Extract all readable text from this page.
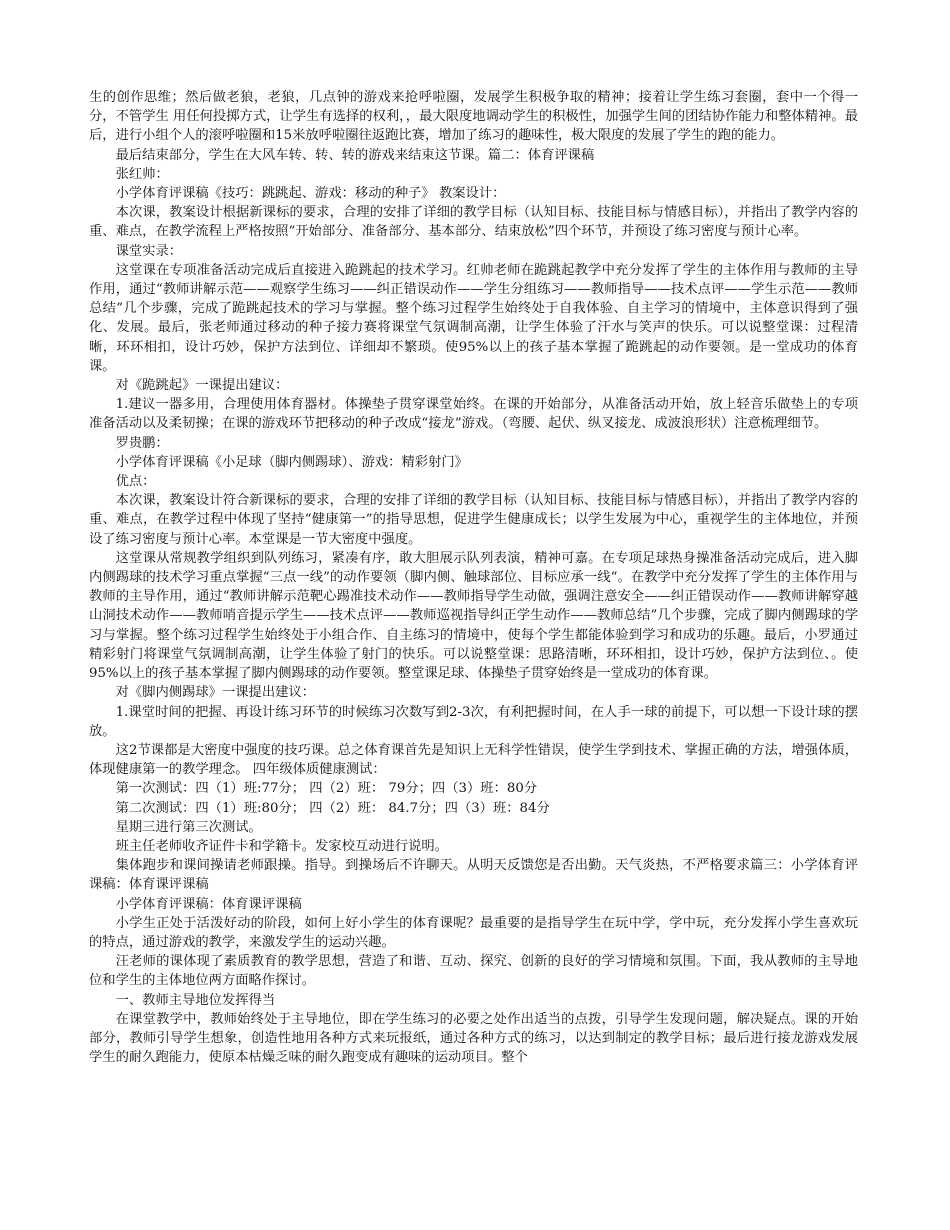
生的创作思维；然后做老狼，老狼，几点钟的游戏来抢呼啦圈，发展学生积极争取的精神；接着让学生练习套圈，套中一个得一分，不管学生 用任何投掷方式，让学生有选择的权利，，最大限度地调动学生的积极性，加强学生间的团结协作能力和整体精神。最后，进行小组个人的滚呼啦圈和15米放呼啦圈往返跑比赛，增加了练习的趣味性，极大限度的发展了学生的跑的能力。

最后结束部分，学生在大风车转、转、转的游戏来结束这节课。篇二：体育评课稿

张红帅：

小学体育评课稿《技巧：跳跳起、游戏：移动的种子》 教案设计：

本次课，教案设计根据新课标的要求，合理的安排了详细的教学目标（认知目标、技能目标与情感目标），并指出了教学内容的重、难点，在教学流程上严格按照“开始部分、准备部分、基本部分、结束放松”四个环节，并预设了练习密度与预计心率。

课堂实录：

这堂课在专项准备活动完成后直接进入跪跳起的技术学习。红帅老师在跪跳起教学中充分发挥了学生的主体作用与教师的主导作用，通过“教师讲解示范——观察学生练习——纠正错误动作——学生分组练习——教师指导——技术点评——学生示范——教师总结”几个步骤，完成了跪跳起技术的学习与掌握。整个练习过程学生始终处于自我体验、自主学习的情境中，主体意识得到了强化、发展。最后，张老师通过移动的种子接力赛将课堂气氛调制高潮，让学生体验了汗水与笑声的快乐。可以说整堂课：过程清晰，环环相扣，设计巧妙，保护方法到位、详细却不繁琐。使95%以上的孩子基本掌握了跪跳起的动作要领。是一堂成功的体育课。

对《跪跳起》一课提出建议：

1.建议一器多用，合理使用体育器材。体操垫子贯穿课堂始终。在课的开始部分，从准备活动开始，放上轻音乐做垫上的专项准备活动以及柔韧操；在课的游戏环节把移动的种子改成“接龙”游戏。（弯腰、起伏、纵叉接龙、成波浪形状）注意梳理细节。

罗贵鹏：

小学体育评课稿《小足球（脚内侧踢球）、游戏：精彩射门》

优点：

本次课，教案设计符合新课标的要求，合理的安排了详细的教学目标（认知目标、技能目标与情感目标），并指出了教学内容的重、难点，在教学过程中体现了坚持“健康第一”的指导思想，促进学生健康成长；以学生发展为中心，重视学生的主体地位，并预设了练习密度与预计心率。本堂课是一节大密度中强度。

这堂课从常规教学组织到队列练习，紧凑有序，敢大胆展示队列表演，精神可嘉。在专项足球热身操准备活动完成后，进入脚内侧踢球的技术学习重点掌握“三点一线”的动作要领（脚内侧、触球部位、目标应承一线“。在教学中充分发挥了学生的主体作用与教师的主导作用，通过“教师讲解示范靶心踢准技术动作——教师指导学生动做，强调注意安全——纠正错误动作——教师讲解穿越山洞技术动作——教师哨音提示学生——技术点评——教师巡视指导纠正学生动作——教师总结”几个步骤，完成了脚内侧踢球的学习与掌握。整个练习过程学生始终处于小组合作、自主练习的情境中，使每个学生都能体验到学习和成功的乐趣。最后，小罗通过精彩射门将课堂气氛调制高潮，让学生体验了射门的快乐。可以说整堂课：思路清晰，环环相扣，设计巧妙，保护方法到位、。使95%以上的孩子基本掌握了脚内侧踢球的动作要领。整堂课足球、体操垫子贯穿始终是一堂成功的体育课。

对《脚内侧踢球》一课提出建议：

1.课堂时间的把握、再设计练习环节的时候练习次数写到2-3次，有利把握时间，在人手一球的前提下，可以想一下设计球的摆放。

这2节课都是大密度中强度的技巧课。总之体育课首先是知识上无科学性错误，使学生学到技术、掌握正确的方法，增强体质，体现健康第一的教学理念。 四年级体质健康测试：

第一次测试：四（1）班:77分； 四（2）班： 79分；四（3）班：80分

第二次测试：四（1）班:80分； 四（2）班： 84.7分；四（3）班：84分

星期三进行第三次测试。

班主任老师收齐证件卡和学籍卡。发家校互动进行说明。

集体跑步和课间操请老师跟操。指导。到操场后不许聊天。从明天反馈您是否出勤。天气炎热，不严格要求篇三：小学体育评课稿：体育课评课稿

小学体育评课稿：体育课评课稿

小学生正处于活泼好动的阶段，如何上好小学生的体育课呢？最重要的是指导学生在玩中学，学中玩，充分发挥小学生喜欢玩的特点，通过游戏的教学，来激发学生的运动兴趣。

汪老师的课体现了素质教育的教学思想，营造了和谐、互动、探究、创新的良好的学习情境和氛围。下面，我从教师的主导地位和学生的主体地位两方面略作探讨。

一、教师主导地位发挥得当

在课堂教学中，教师始终处于主导地位，即在学生练习的必要之处作出适当的点拨，引导学生发现问题，解决疑点。课的开始部分，教师引导学生想象，创造性地用各种方式来玩报纸，通过各种方式的练习，以达到制定的教学目标；最后进行接龙游戏发展学生的耐久跑能力，使原本枯燥乏味的耐久跑变成有趣味的运动项目。整个
